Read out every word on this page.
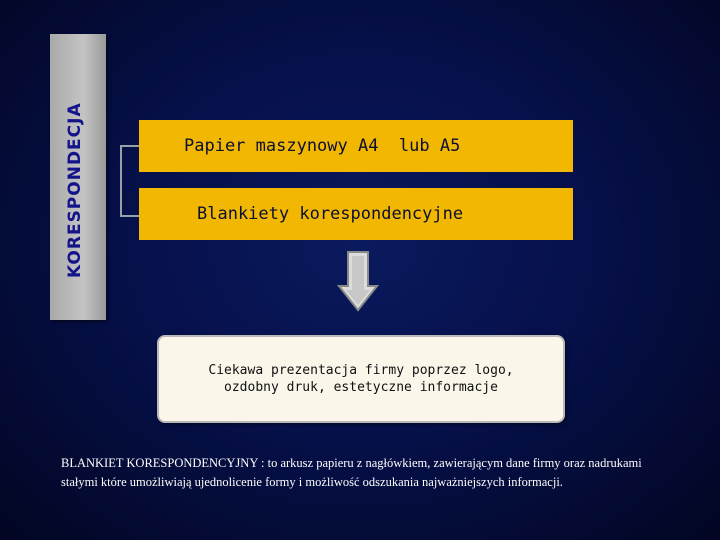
KORESPONDECJA	Papier maszynowy A4  lub A5
Blankiety korespondencyjne
Ciekawa prezentacja firmy poprzez logo,
ozdobny druk, estetyczne informacje
BLANKIET KORESPONDENCYJNY : to arkusz papieru z nagłówkiem, zawierającym dane firmy oraz nadrukami stałymi które umożliwiają ujednolicenie formy i możliwość odszukania najważniejszych informacji.
